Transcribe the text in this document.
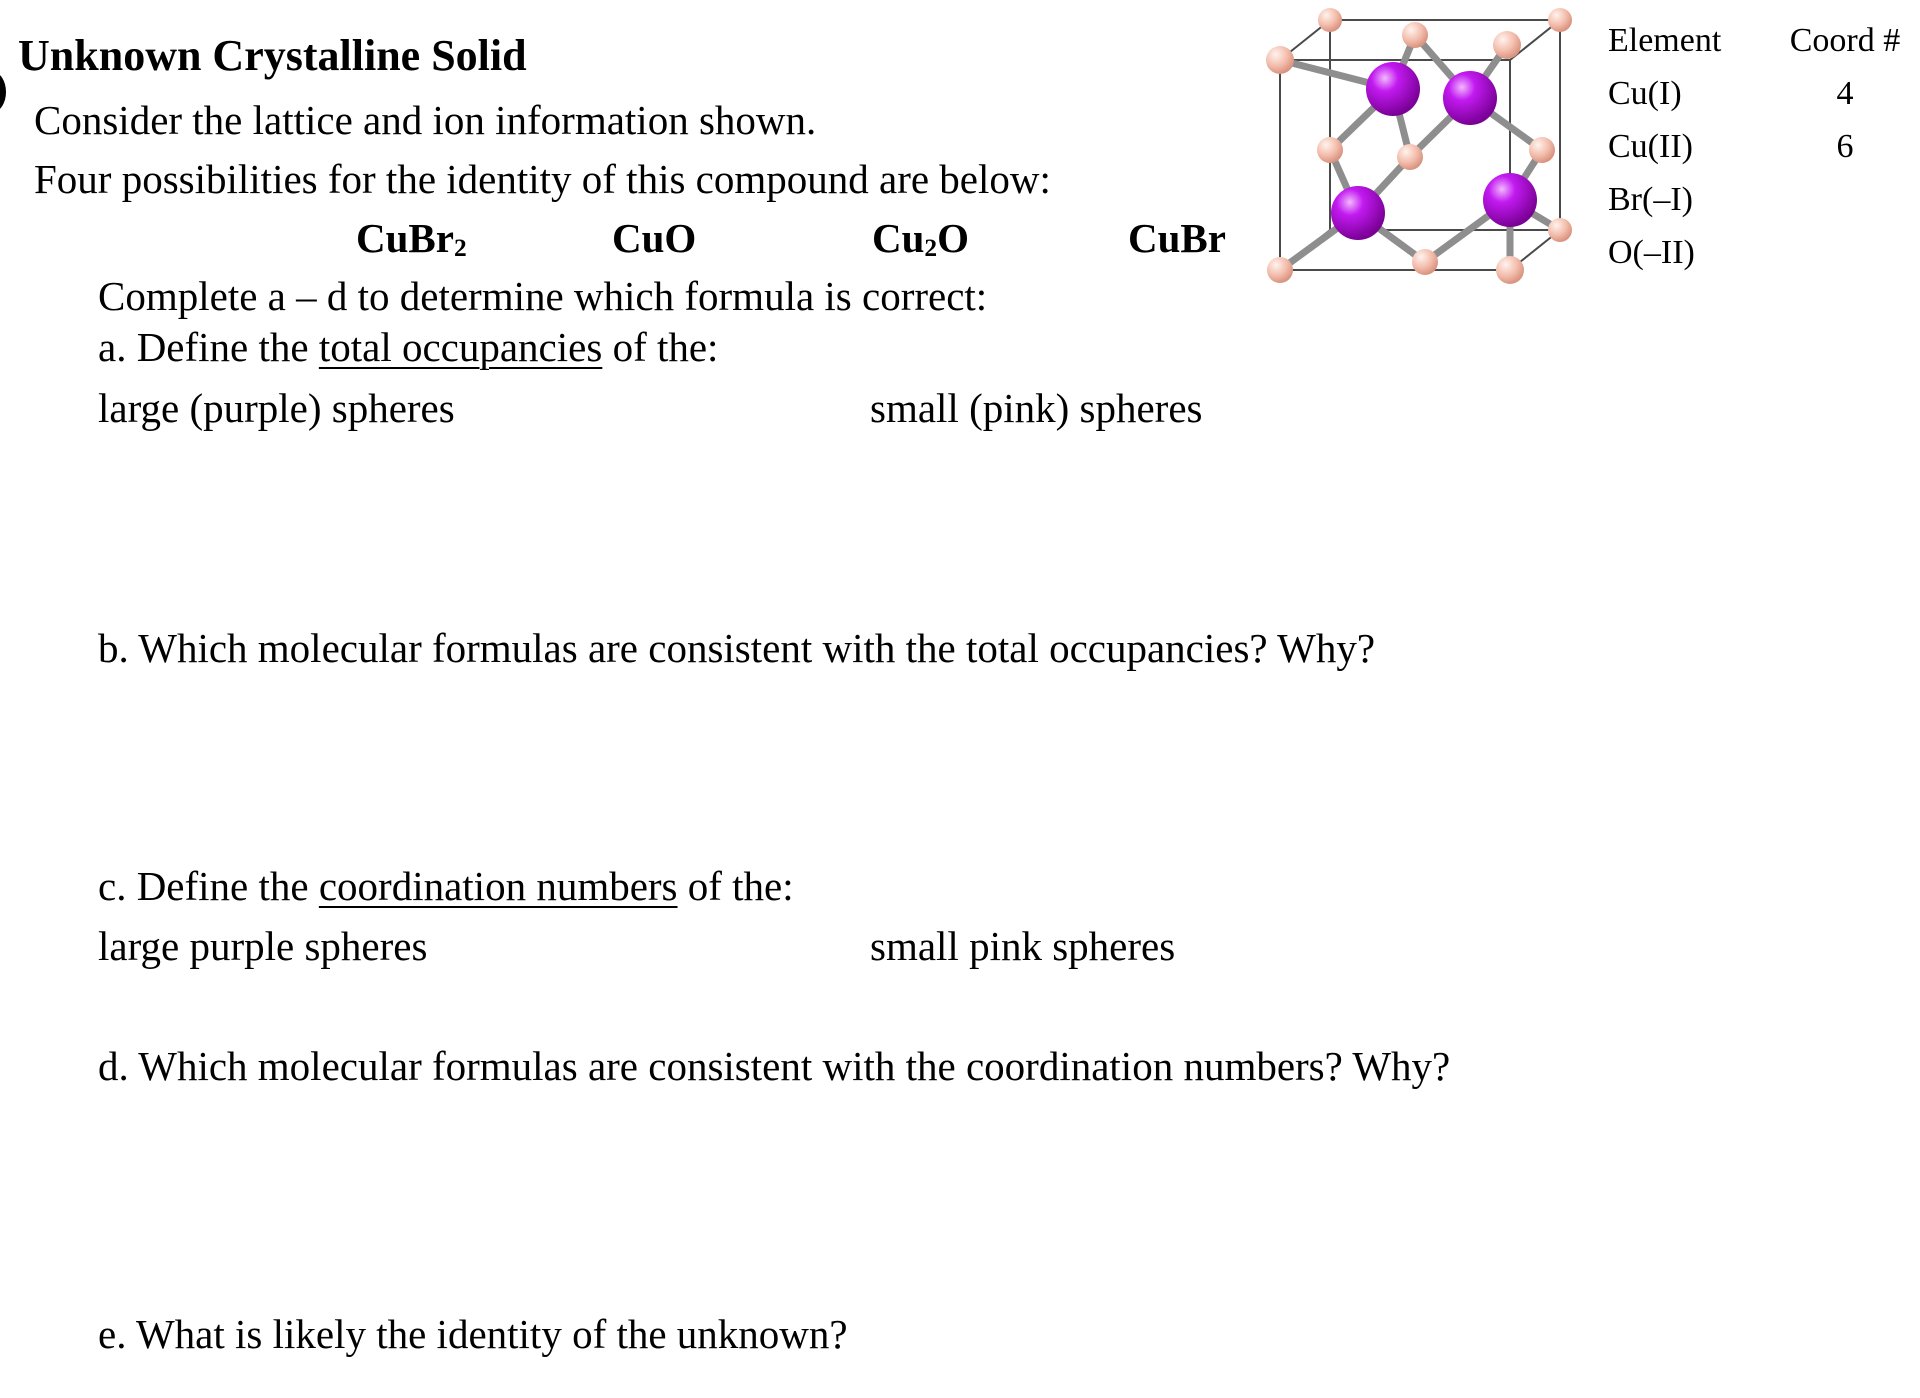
Unknown Crystalline Solid
Consider the lattice and ion information shown.
Four possibilities for the identity of this compound are below:
CuBr$_2$	CuO	$Cu_2O$	CuBr
Complete a – d to determine which formula is correct:
a. Define the total occupancies of the:
large (purple) spheres	small (pink) spheres
b. Which molecular formulas are consistent with the total occupancies? Why?
c. Define the coordination numbers of the:
large purple spheres	small pink spheres
d. Which molecular formulas are consistent with the coordination numbers? Why?
e. What is likely the identity of the unknown?
Element	Coord #
Cu(I)	4
Cu(II)	6
Br(–I)	
O(–II)	
